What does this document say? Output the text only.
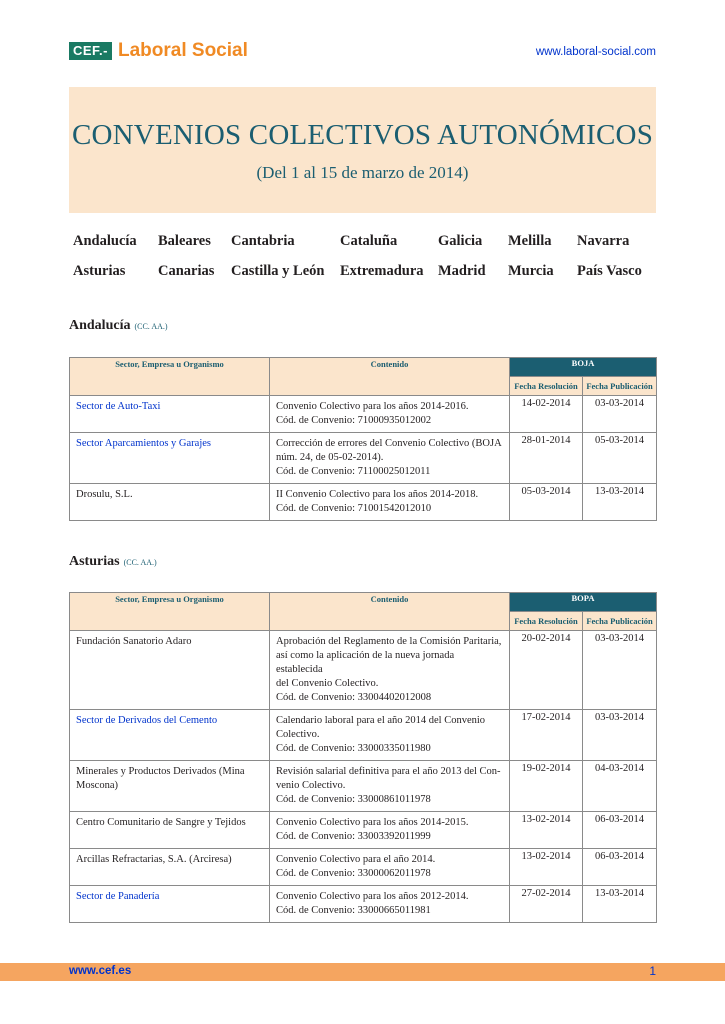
CEF.- Laboral Social	www.laboral-social.com
CONVENIOS COLECTIVOS AUTONÓMICOS
(Del 1 al 15 de marzo de 2014)
Andalucía Baleares Cantabria	Cataluña	Galicia Melilla Navarra
Asturias Canarias Castilla y León Extremadura Madrid Murcia País Vasco
Andalucía (CC. AA.)
Sector, Empresa u Organismo	Contenido	BOJA	
		Fecha Resolución	Fecha Publicación
Sector de Auto-Taxi	Convenio Colectivo para los años 2014-2016.
Cód. de Convenio: 71000935012002	14-02-2014	03-03-2014
Sector Aparcamientos y Garajes	Corrección de errores del Convenio Colectivo (BOJA
núm. 24, de 05-02-2014).
Cód. de Convenio: 71100025012011	28-01-2014	05-03-2014
Drosulu, S.L.	II Convenio Colectivo para los años 2014-2018.
Cód. de Convenio: 71001542012010	05-03-2014	13-03-2014
Asturias (CC. AA.)
Sector, Empresa u Organismo	Contenido	BOPA	
		Fecha Resolución	Fecha Publicación
Fundación Sanatorio Adaro	Aprobación del Reglamento de la Comisión Paritaria,
así como la aplicación de la nueva jornada establecida
del Convenio Colectivo.
Cód. de Convenio: 33004402012008	20-02-2014	03-03-2014
Sector de Derivados del Cemento	Calendario laboral para el año 2014 del Convenio
Colectivo.
Cód. de Convenio: 33000335011980	17-02-2014	03-03-2014
Minerales y Productos Derivados (Mina Moscona)	Revisión salarial definitiva para el año 2013 del Con-
venio Colectivo.
Cód. de Convenio: 33000861011978	19-02-2014	04-03-2014
Centro Comunitario de Sangre y Tejidos	Convenio Colectivo para los años 2014-2015.
Cód. de Convenio: 33003392011999	13-02-2014	06-03-2014
Arcillas Refractarias, S.A. (Arciresa)	Convenio Colectivo para el año 2014.
Cód. de Convenio: 33000062011978	13-02-2014	06-03-2014
Sector de Panadería	Convenio Colectivo para los años 2012-2014.
Cód. de Convenio: 33000665011981	27-02-2014	13-03-2014
www.cef.es	1
